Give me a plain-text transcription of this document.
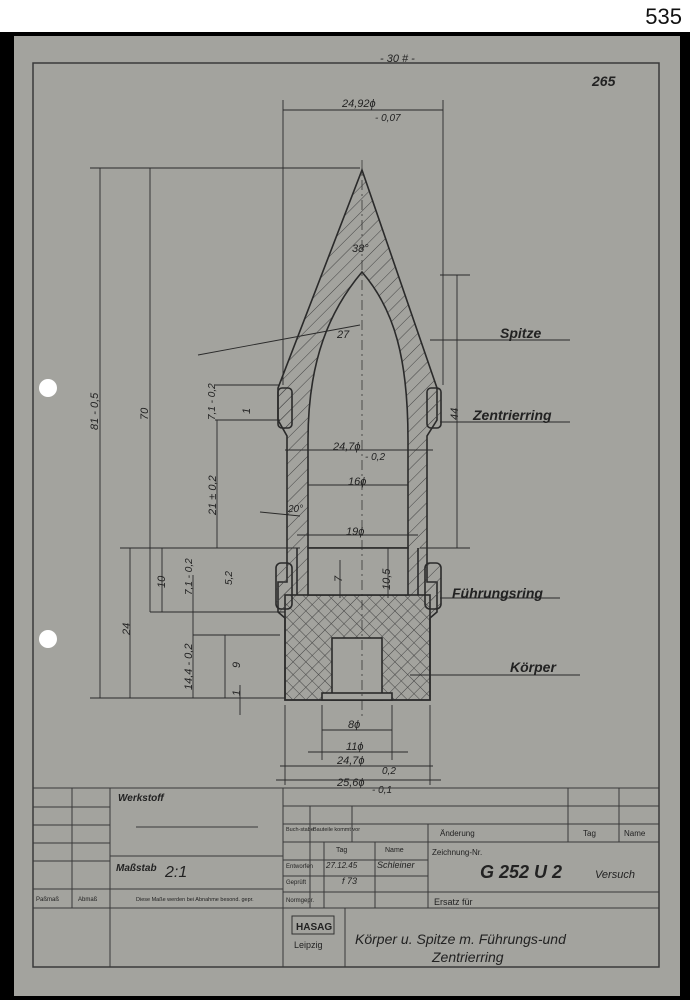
535
- 30 # -
265
24,92ϕ
- 0,07
81 - 0,5	70	44
38°
27
7,1 - 0,2 1
21 ± 0,2
24,7ϕ
- 0,2
16ϕ
20°
19ϕ
10 7,1 - 0,2	5,2	7	10,5
24
14,4 - 0,2	9
1
8ϕ
11ϕ
24,7ϕ
0,2
25,6ϕ
- 0,1
Spitze
Zentrierring
Führungsring
Körper
Werkstoff
Maßstab 2:1
Paßmaß	Abmaß	Diese Maße werden bei Abnahme besond. gepr.
Buch-stabe Bauteile kommt vor
Tag	Name
Änderung	Tag	Name
Entworfen 27.12.45 Schleiner
Geprüft	f 73
Normgepr.
Zeichnung-Nr.
G 252 U 2	Versuch
Ersatz für
HASAG
Leipzig Körper u. Spitze m. Führungs-und
Zentrierring
